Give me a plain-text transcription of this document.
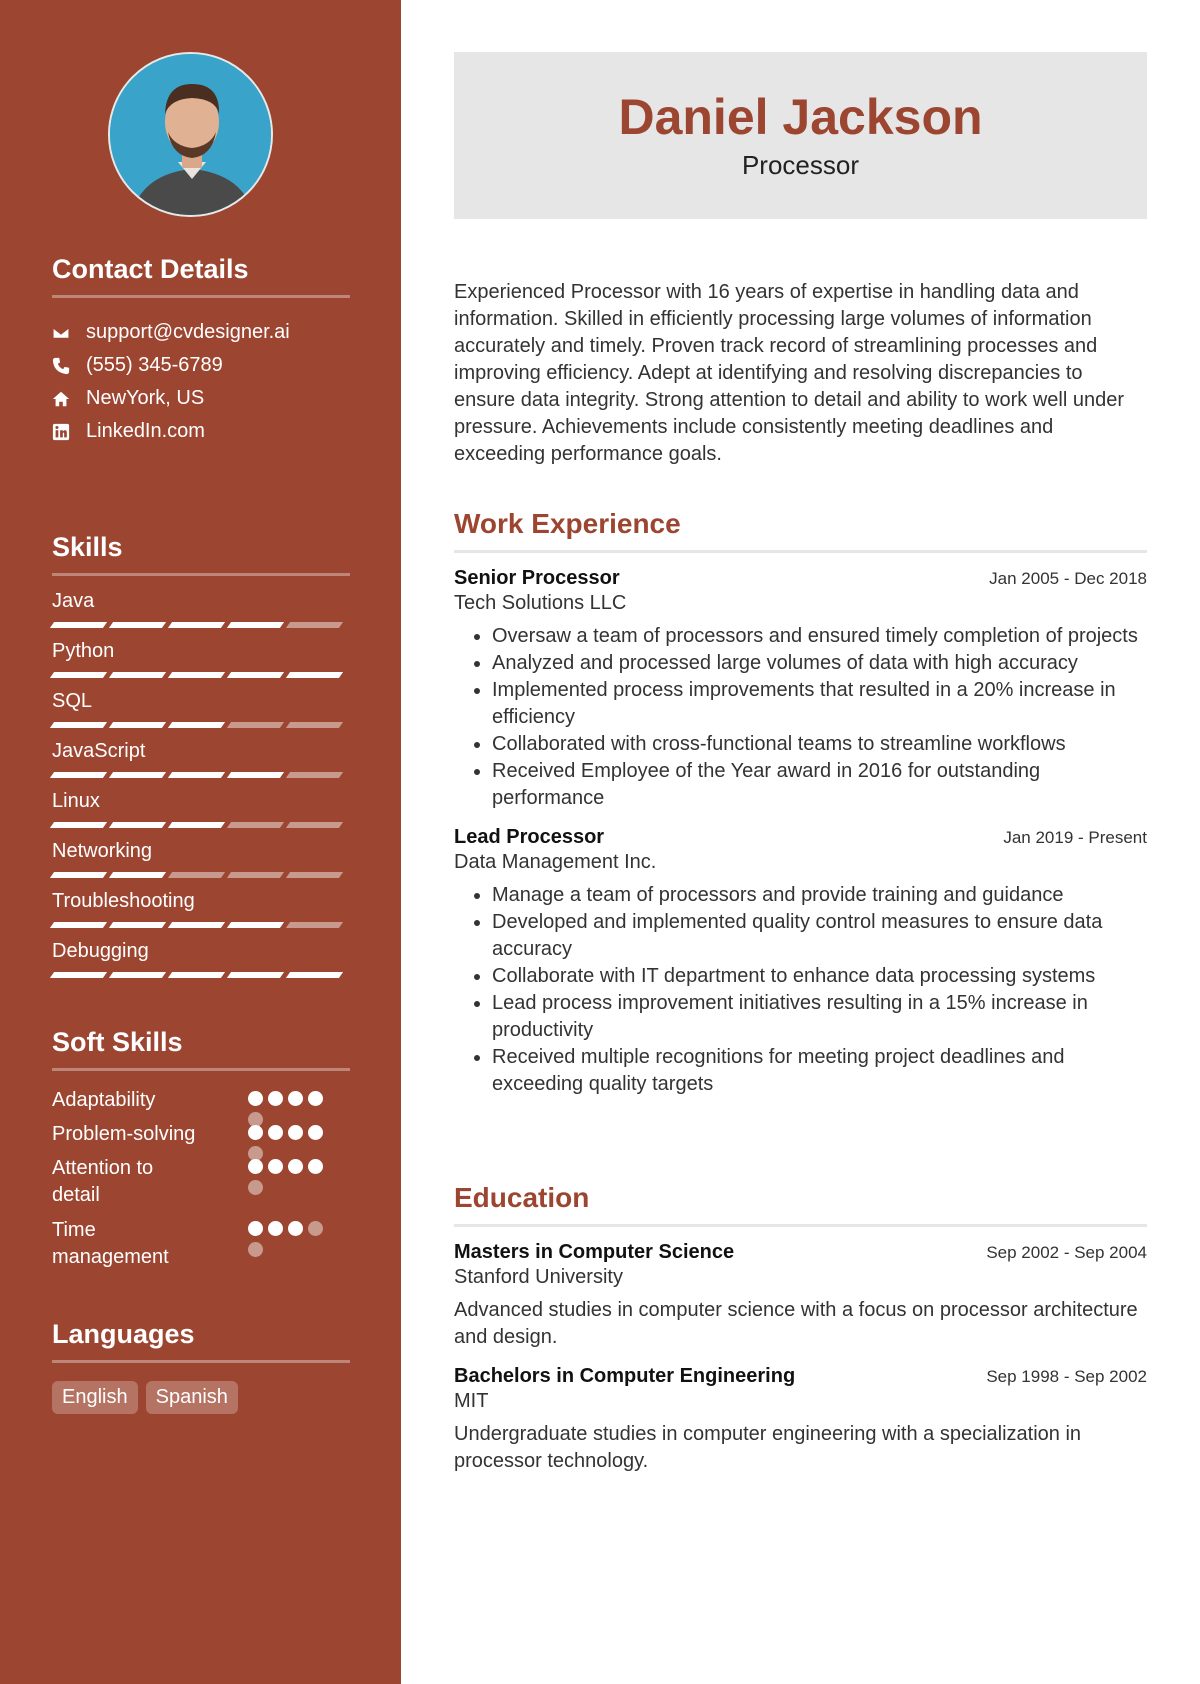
Contact Details
support@cvdesigner.ai
(555) 345-6789
NewYork, US
LinkedIn.com
Skills
Java
Python
SQL
JavaScript
Linux
Networking
Troubleshooting
Debugging
Soft Skills
Adaptability
Problem-solving
Attention to detail
Time management
Languages
English	Spanish
Daniel Jackson
Processor

Experienced Processor with 16 years of expertise in handling data and information. Skilled in efficiently processing large volumes of information accurately and timely. Proven track record of streamlining processes and improving efficiency. Adept at identifying and resolving discrepancies to ensure data integrity. Strong attention to detail and ability to work well under pressure. Achievements include consistently meeting deadlines and exceeding performance goals.

Work Experience
Senior Processor	Jan 2005 - Dec 2018
Tech Solutions LLC
• Oversaw a team of processors and ensured timely completion of projects
• Analyzed and processed large volumes of data with high accuracy
• Implemented process improvements that resulted in a 20% increase in efficiency
• Collaborated with cross-functional teams to streamline workflows
• Received Employee of the Year award in 2016 for outstanding performance
Lead Processor	Jan 2019 - Present
Data Management Inc.
• Manage a team of processors and provide training and guidance
• Developed and implemented quality control measures to ensure data accuracy
• Collaborate with IT department to enhance data processing systems
• Lead process improvement initiatives resulting in a 15% increase in productivity
• Received multiple recognitions for meeting project deadlines and exceeding quality targets
Education
Masters in Computer Science	Sep 2002 - Sep 2004
Stanford University

Advanced studies in computer science with a focus on processor architecture and design.

Bachelors in Computer Engineering	Sep 1998 - Sep 2002
MIT

Undergraduate studies in computer engineering with a specialization in processor technology.
